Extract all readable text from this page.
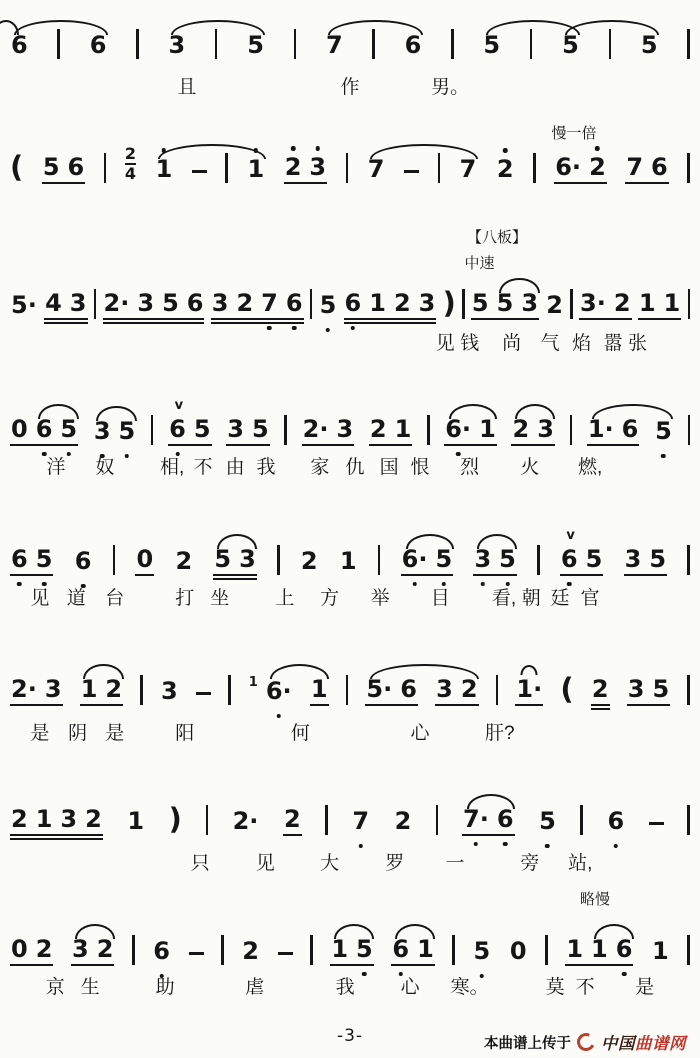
-3-	本曲谱上传于 中国曲谱网
6	6	3	5	7	6	5	5	5
且	作	男。
( 5 6	$\frac{2}{4} 1$	1 2 3 7	7 2 6· 2 7 6
慢一倍
5· 4 3 2· 3 5 6 3 2 7 6 5 6 1 2 3 ) 5 5 3 2 3· 2 1 1
【八板】
中速
见 钱 尚 气 焰 嚣 张
0 6 5 3 5 6
v
5 3 5 2· 3 2 1 6· 1 2 3 1· 6 5
洋 奴 相, 不 由 我 家 仇 国 恨 烈 火 燃,
6 5 6 0 2 5 3 2 1 6· 5 3 5 6
v
5 3 5
见 道 台	打 坐 上 方 举 目 看, 朝 廷 官
2· 3 1 2 3	1 6· 1 5· 6 3 2 1· ( 2 3 5
是 阴 是	阳	何	心	肝?
2 1 3 2 1 ) 2· 2 7 2 7· 6 5 6
只 见 大 罗 一	旁 站,
0 2 3 2 6	2	1 5 6 1 5 0 1 1 6 1
略慢
京 生	助	虐	我 心 寒。	莫 不 是
